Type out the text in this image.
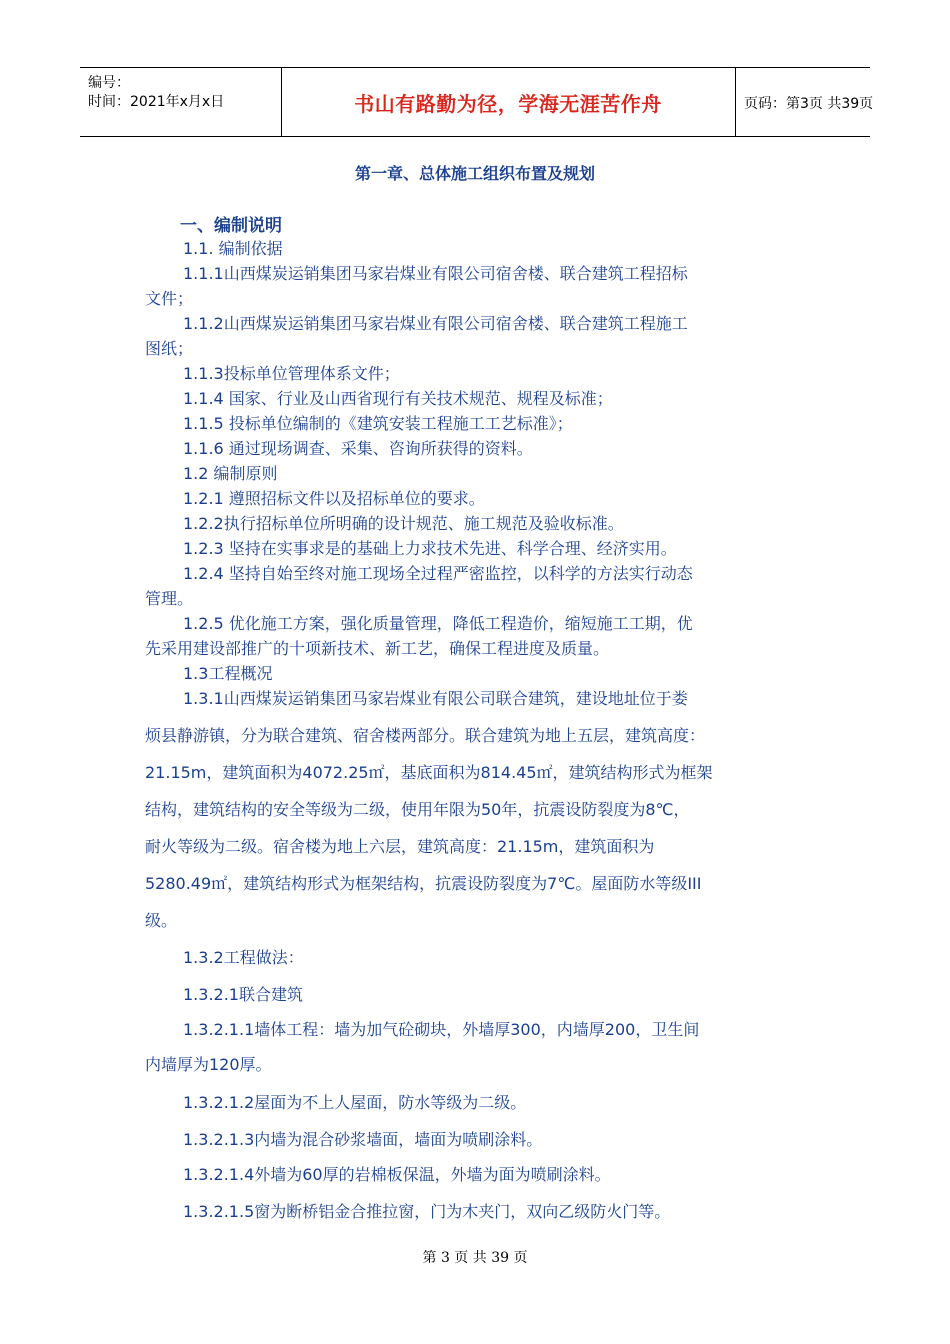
编号：
时间：2021年x月x日	书山有路勤为径，学海无涯苦作舟	页码：第3页 共39页
第一章、总体施工组织布置及规划
一、编制说明
1.1. 编制依据
1.1.1山西煤炭运销集团马家岩煤业有限公司宿舍楼、联合建筑工程招标
文件；
1.1.2山西煤炭运销集团马家岩煤业有限公司宿舍楼、联合建筑工程施工
图纸；
1.1.3投标单位管理体系文件；
1.1.4 国家、行业及山西省现行有关技术规范、规程及标准；
1.1.5 投标单位编制的《建筑安装工程施工工艺标准》；
1.1.6 通过现场调查、采集、咨询所获得的资料。
1.2 编制原则
1.2.1 遵照招标文件以及招标单位的要求。
1.2.2执行招标单位所明确的设计规范、施工规范及验收标准。
1.2.3 坚持在实事求是的基础上力求技术先进、科学合理、经济实用。
1.2.4 坚持自始至终对施工现场全过程严密监控，以科学的方法实行动态
管理。
1.2.5 优化施工方案，强化质量管理，降低工程造价，缩短施工工期，优
先采用建设部推广的十项新技术、新工艺，确保工程进度及质量。
1.3工程概况
1.3.1山西煤炭运销集团马家岩煤业有限公司联合建筑，建设地址位于娄
烦县静游镇，分为联合建筑、宿舍楼两部分。联合建筑为地上五层，建筑高度：
21.15m，建筑面积为4072.25㎡，基底面积为814.45㎡，建筑结构形式为框架
结构，建筑结构的安全等级为二级，使用年限为50年，抗震设防裂度为8℃，
耐火等级为二级。宿舍楼为地上六层，建筑高度：21.15m，建筑面积为
5280.49㎡，建筑结构形式为框架结构，抗震设防裂度为7℃。屋面防水等级III
级。
1.3.2工程做法：
1.3.2.1联合建筑
1.3.2.1.1墙体工程：墙为加气砼砌块，外墙厚300，内墙厚200，卫生间
内墙厚为120厚。
1.3.2.1.2屋面为不上人屋面，防水等级为二级。
1.3.2.1.3内墙为混合砂浆墙面，墙面为喷刷涂料。
1.3.2.1.4外墙为60厚的岩棉板保温，外墙为面为喷刷涂料。
1.3.2.1.5窗为断桥铝金合推拉窗，门为木夹门，双向乙级防火门等。
第 3 页 共 39 页
